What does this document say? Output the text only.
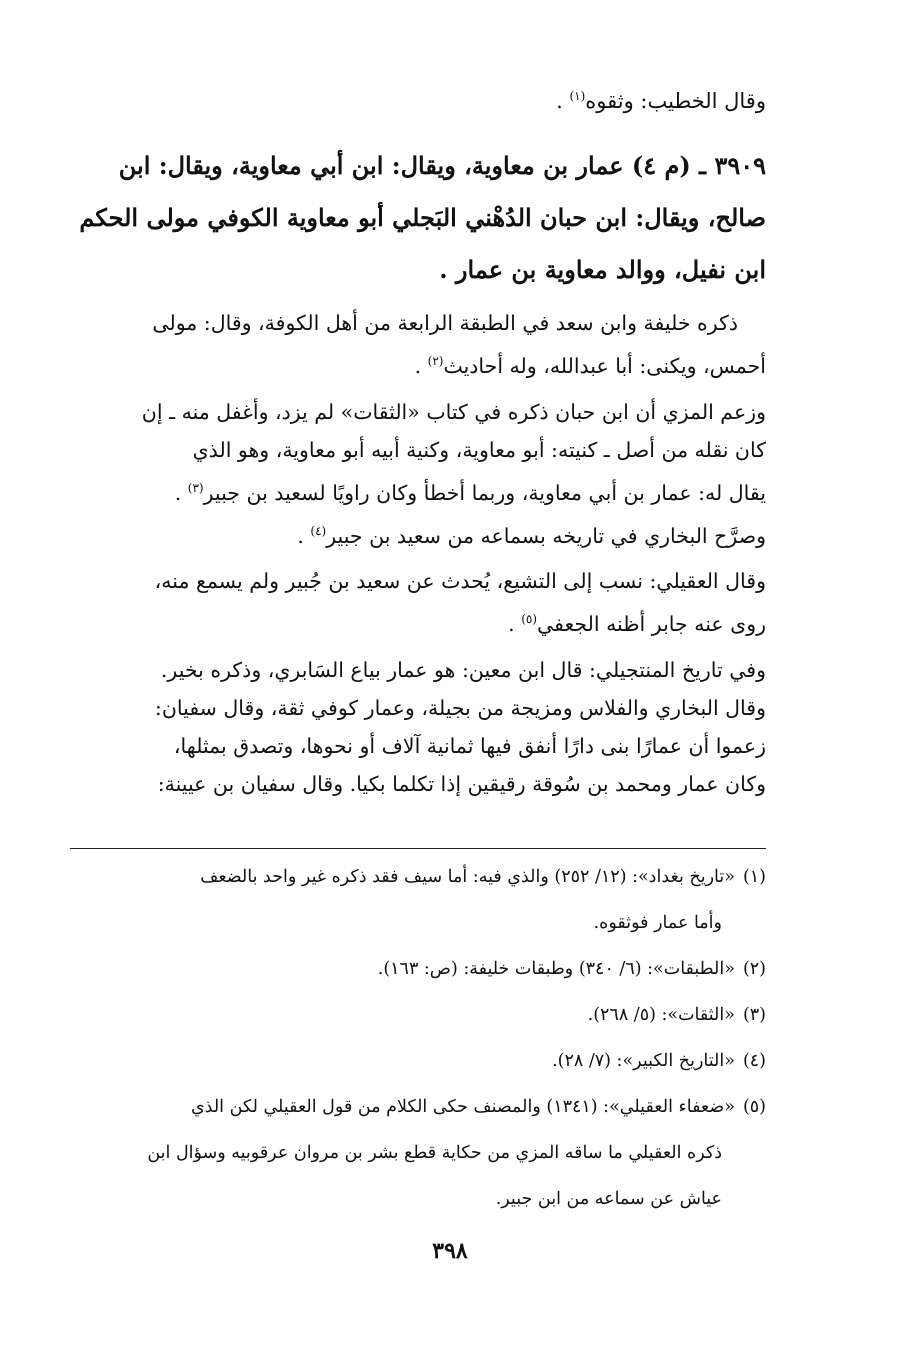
وقال الخطيب: وثقوه$^{(١)}$ .
٣٩٠٩ ـ (م ٤) عمار بن معاوية، ويقال: ابن أبي معاوية، ويقال: ابن
صالح، ويقال: ابن حبان الدُهْني البَجلي أبو معاوية الكوفي مولى الحكم
ابن نفيل، ووالد معاوية بن عمار .
ذكره خليفة وابن سعد في الطبقة الرابعة من أهل الكوفة، وقال: مولى
أحمس، ويكنى: أبا عبدالله، وله أحاديث$^{(٢)}$ .
وزعم المزي أن ابن حبان ذكره في كتاب «الثقات» لم يزد، وأغفل منه ـ إن
كان نقله من أصل ـ كنيته: أبو معاوية، وكنية أبيه أبو معاوية، وهو الذي
يقال له: عمار بن أبي معاوية، وربما أخطأ وكان راويًا لسعيد بن جبير$^{(٣)}$ .
وصرَّح البخاري في تاريخه بسماعه من سعيد بن جبير$^{(٤)}$ .
وقال العقيلي: نسب إلى التشيع، يُحدث عن سعيد بن جُبير ولم يسمع منه،
روى عنه جابر أظنه الجعفي$^{(٥)}$ .
وفي تاريخ المنتجيلي: قال ابن معين: هو عمار بياع السَابري، وذكره بخير.
وقال البخاري والفلاس ومزيجة من بجيلة، وعمار كوفي ثقة، وقال سفيان:
زعموا أن عمارًا بنى دارًا أنفق فيها ثمانية آلاف أو نحوها، وتصدق بمثلها،
وكان عمار ومحمد بن سُوقة رقيقين إذا تكلما بكيا. وقال سفيان بن عيينة:
(١)«تاريخ بغداد»: (١٢/ ٢٥٢) والذي فيه: أما سيف فقد ذكره غير واحد بالضعف
وأما عمار فوثقوه.
(٢)«الطبقات»: (٦/ ٣٤٠) وطبقات خليفة: (ص: ١٦٣).
(٣)«الثقات»: (٥/ ٢٦٨).
(٤)«التاريخ الكبير»: (٧/ ٢٨).
(٥)«ضعفاء العقيلي»: (١٣٤١) والمصنف حكى الكلام من قول العقيلي لكن الذي
ذكره العقيلي ما ساقه المزي من حكاية قطع بشر بن مروان عرقوبيه وسؤال ابن
عياش عن سماعه من ابن جبير.
٣٩٨
